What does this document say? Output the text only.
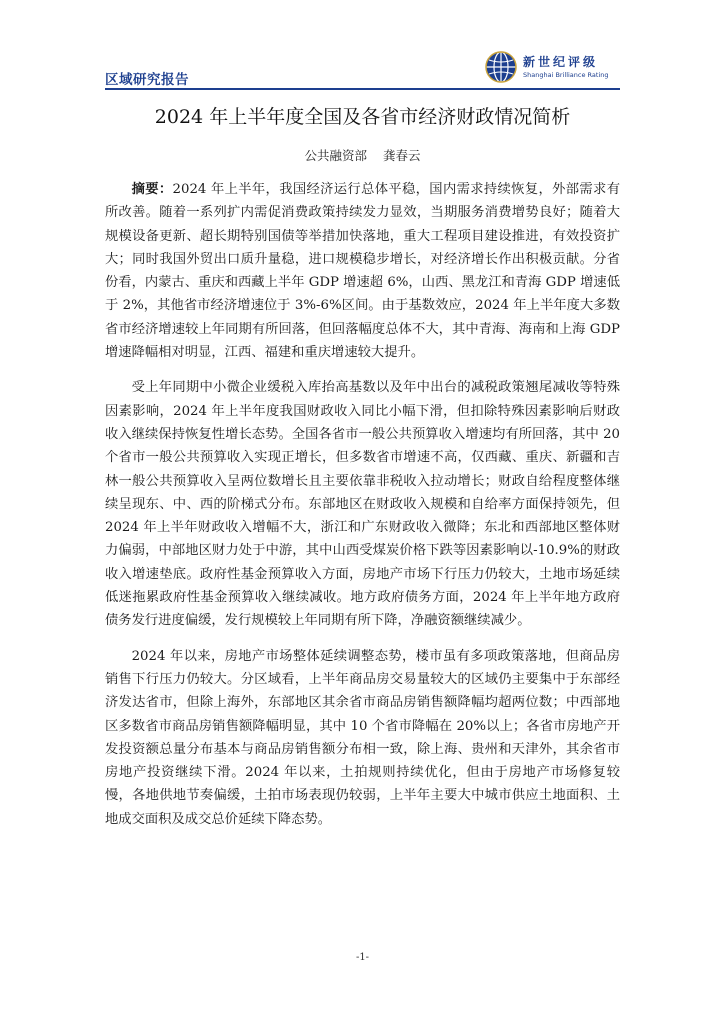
区域研究报告
新世纪评级
Shanghai Brilliance Rating
2024 年上半年度全国及各省市经济财政情况简析
公共融资部 龚春云

摘要：2024 年上半年，我国经济运行总体平稳，国内需求持续恢复，外部需求有所改善。随着一系列扩内需促消费政策持续发力显效，当期服务消费增势良好；随着大规模设备更新、超长期特别国债等举措加快落地，重大工程项目建设推进，有效投资扩大；同时我国外贸出口质升量稳，进口规模稳步增长，对经济增长作出积极贡献。分省份看，内蒙古、重庆和西藏上半年 GDP 增速超 6%，山西、黑龙江和青海 GDP 增速低于 2%，其他省市经济增速位于 3%-6%区间。由于基数效应，2024 年上半年度大多数省市经济增速较上年同期有所回落，但回落幅度总体不大，其中青海、海南和上海 GDP 增速降幅相对明显，江西、福建和重庆增速较大提升。

受上年同期中小微企业缓税入库抬高基数以及年中出台的减税政策翘尾减收等特殊因素影响，2024 年上半年度我国财政收入同比小幅下滑，但扣除特殊因素影响后财政收入继续保持恢复性增长态势。全国各省市一般公共预算收入增速均有所回落，其中 20 个省市一般公共预算收入实现正增长，但多数省市增速不高，仅西藏、重庆、新疆和吉林一般公共预算收入呈两位数增长且主要依靠非税收入拉动增长；财政自给程度整体继续呈现东、中、西的阶梯式分布。东部地区在财政收入规模和自给率方面保持领先，但 2024 年上半年财政收入增幅不大，浙江和广东财政收入微降；东北和西部地区整体财力偏弱，中部地区财力处于中游，其中山西受煤炭价格下跌等因素影响以-10.9%的财政收入增速垫底。政府性基金预算收入方面，房地产市场下行压力仍较大，土地市场延续低迷拖累政府性基金预算收入继续减收。地方政府债务方面，2024 年上半年地方政府债务发行进度偏缓，发行规模较上年同期有所下降，净融资额继续减少。

2024 年以来，房地产市场整体延续调整态势，楼市虽有多项政策落地，但商品房销售下行压力仍较大。分区域看，上半年商品房交易量较大的区域仍主要集中于东部经济发达省市，但除上海外，东部地区其余省市商品房销售额降幅均超两位数；中西部地区多数省市商品房销售额降幅明显，其中 10 个省市降幅在 20%以上；各省市房地产开发投资额总量分布基本与商品房销售额分布相一致，除上海、贵州和天津外，其余省市房地产投资继续下滑。2024 年以来，土拍规则持续优化，但由于房地产市场修复较慢，各地供地节奏偏缓，土拍市场表现仍较弱，上半年主要大中城市供应土地面积、土地成交面积及成交总价延续下降态势。

-1-
